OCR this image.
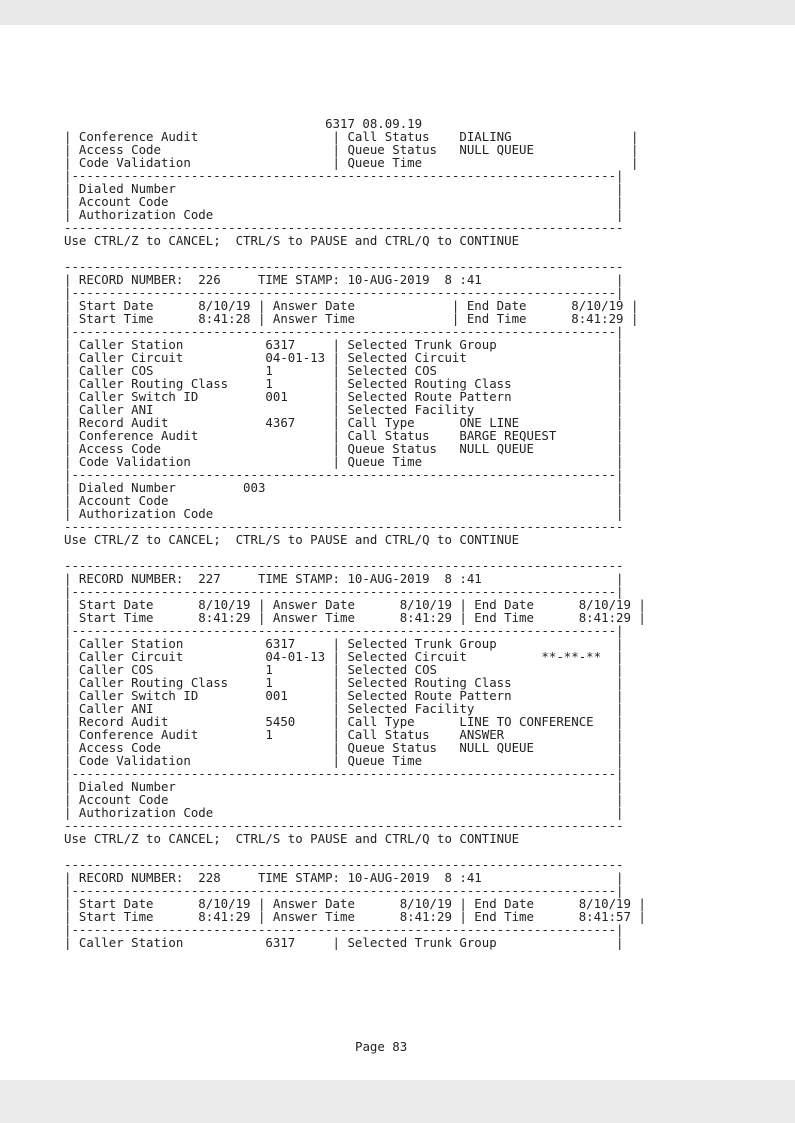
6317 08.09.19
| Conference Audit                  | Call Status    DIALING                |
| Access Code                       | Queue Status   NULL QUEUE             |
| Code Validation                   | Queue Time                            |
|-------------------------------------------------------------------------|
| Dialed Number                                                           |
| Account Code                                                            |
| Authorization Code                                                      |
---------------------------------------------------------------------------
Use CTRL/Z to CANCEL;  CTRL/S to PAUSE and CTRL/Q to CONTINUE

---------------------------------------------------------------------------
| RECORD NUMBER:  226     TIME STAMP: 10-AUG-2019  8 :41                  |
|-------------------------------------------------------------------------|
| Start Date      8/10/19 | Answer Date             | End Date      8/10/19 |
| Start Time      8:41:28 | Answer Time             | End Time      8:41:29 |
|-------------------------------------------------------------------------|
| Caller Station           6317     | Selected Trunk Group                |
| Caller Circuit           04-01-13 | Selected Circuit                    |
| Caller COS               1        | Selected COS                        |
| Caller Routing Class     1        | Selected Routing Class              |
| Caller Switch ID         001      | Selected Route Pattern              |
| Caller ANI                        | Selected Facility                   |
| Record Audit             4367     | Call Type      ONE LINE             |
| Conference Audit                  | Call Status    BARGE REQUEST        |
| Access Code                       | Queue Status   NULL QUEUE           |
| Code Validation                   | Queue Time                          |
|-------------------------------------------------------------------------|
| Dialed Number         003                                               |
| Account Code                                                            |
| Authorization Code                                                      |
---------------------------------------------------------------------------
Use CTRL/Z to CANCEL;  CTRL/S to PAUSE and CTRL/Q to CONTINUE

---------------------------------------------------------------------------
| RECORD NUMBER:  227     TIME STAMP: 10-AUG-2019  8 :41                  |
|-------------------------------------------------------------------------|
| Start Date      8/10/19 | Answer Date      8/10/19 | End Date      8/10/19 |
| Start Time      8:41:29 | Answer Time      8:41:29 | End Time      8:41:29 |
|-------------------------------------------------------------------------|
| Caller Station           6317     | Selected Trunk Group                |
| Caller Circuit           04-01-13 | Selected Circuit          **-**-**  |
| Caller COS               1        | Selected COS                        |
| Caller Routing Class     1        | Selected Routing Class              |
| Caller Switch ID         001      | Selected Route Pattern              |
| Caller ANI                        | Selected Facility                   |
| Record Audit             5450     | Call Type      LINE TO CONFERENCE   |
| Conference Audit         1        | Call Status    ANSWER               |
| Access Code                       | Queue Status   NULL QUEUE           |
| Code Validation                   | Queue Time                          |
|-------------------------------------------------------------------------|
| Dialed Number                                                           |
| Account Code                                                            |
| Authorization Code                                                      |
---------------------------------------------------------------------------
Use CTRL/Z to CANCEL;  CTRL/S to PAUSE and CTRL/Q to CONTINUE

---------------------------------------------------------------------------
| RECORD NUMBER:  228     TIME STAMP: 10-AUG-2019  8 :41                  |
|-------------------------------------------------------------------------|
| Start Date      8/10/19 | Answer Date      8/10/19 | End Date      8/10/19 |
| Start Time      8:41:29 | Answer Time      8:41:29 | End Time      8:41:57 |
|-------------------------------------------------------------------------|
| Caller Station           6317     | Selected Trunk Group                |
Page 83
